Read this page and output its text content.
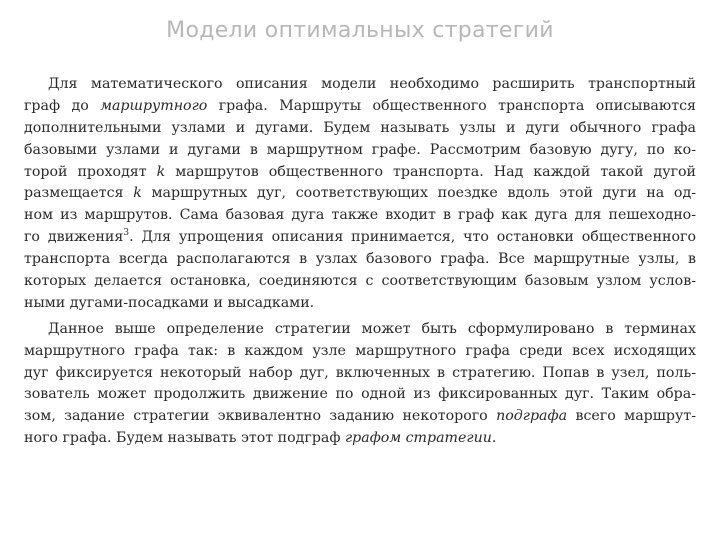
Модели оптимальных стратегий
Для математического описания модели необходимо расширить транспортный
граф до маршрутного графа. Маршруты общественного транспорта описываются
дополнительными узлами и дугами. Будем называть узлы и дуги обычного графа
базовыми узлами и дугами в маршрутном графе. Рассмотрим базовую дугу, по ко-
торой проходят k маршрутов общественного транспорта. Над каждой такой дугой
размещается k маршрутных дуг, соответствующих поездке вдоль этой дуги на од-
ном из маршрутов. Сама базовая дуга также входит в граф как дуга для пешеходно-
го движения$^3$. Для упрощения описания принимается, что остановки общественного
транспорта всегда располагаются в узлах базового графа. Все маршрутные узлы, в
которых делается остановка, соединяются с соответствующим базовым узлом услов-
ными дугами-посадками и высадками.
Данное выше определение стратегии может быть сформулировано в терминах
маршрутного графа так: в каждом узле маршрутного графа среди всех исходящих
дуг фиксируется некоторый набор дуг, включенных в стратегию. Попав в узел, поль-
зователь может продолжить движение по одной из фиксированных дуг. Таким обра-
зом, задание стратегии эквивалентно заданию некоторого подграфа всего маршрут-
ного графа. Будем называть этот подграф графом стратегии.
